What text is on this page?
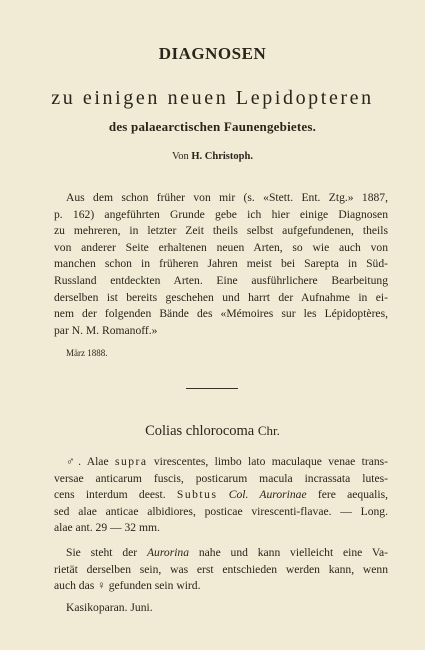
DIAGNOSEN
zu einigen neuen Lepidopteren
des palaearctischen Faunengebietes.
Von H. Christoph.
Aus dem schon früher von mir (s. «Stett. Ent. Ztg.» 1887,
p. 162) angeführten Grunde gebe ich hier einige Diagnosen
zu mehreren, in letzter Zeit theils selbst aufgefundenen, theils
von anderer Seite erhaltenen neuen Arten, so wie auch von
manchen schon in früheren Jahren meist bei Sarepta in Süd-
Russland entdeckten Arten. Eine ausführlichere Bearbeitung
derselben ist bereits geschehen und harrt der Aufnahme in ei-
nem der folgenden Bände des «Mémoires sur les Lépidoptères,
par N. M. Romanoff.»
März 1888.
Colias chlorocoma Chr.
♂. Alae supra virescentes, limbo lato maculaque venae trans-
versae anticarum fuscis, posticarum macula incrassata lutes-
cens interdum deest. Subtus Col. Aurorinae fere aequalis,
sed alae anticae albidiores, posticae virescenti-flavae. — Long.
alae ant. 29 — 32 mm.
Sie steht der Aurorina nahe und kann vielleicht eine Va-
rietät derselben sein, was erst entschieden werden kann, wenn
auch das ♀ gefunden sein wird.
Kasikoparan. Juni.
